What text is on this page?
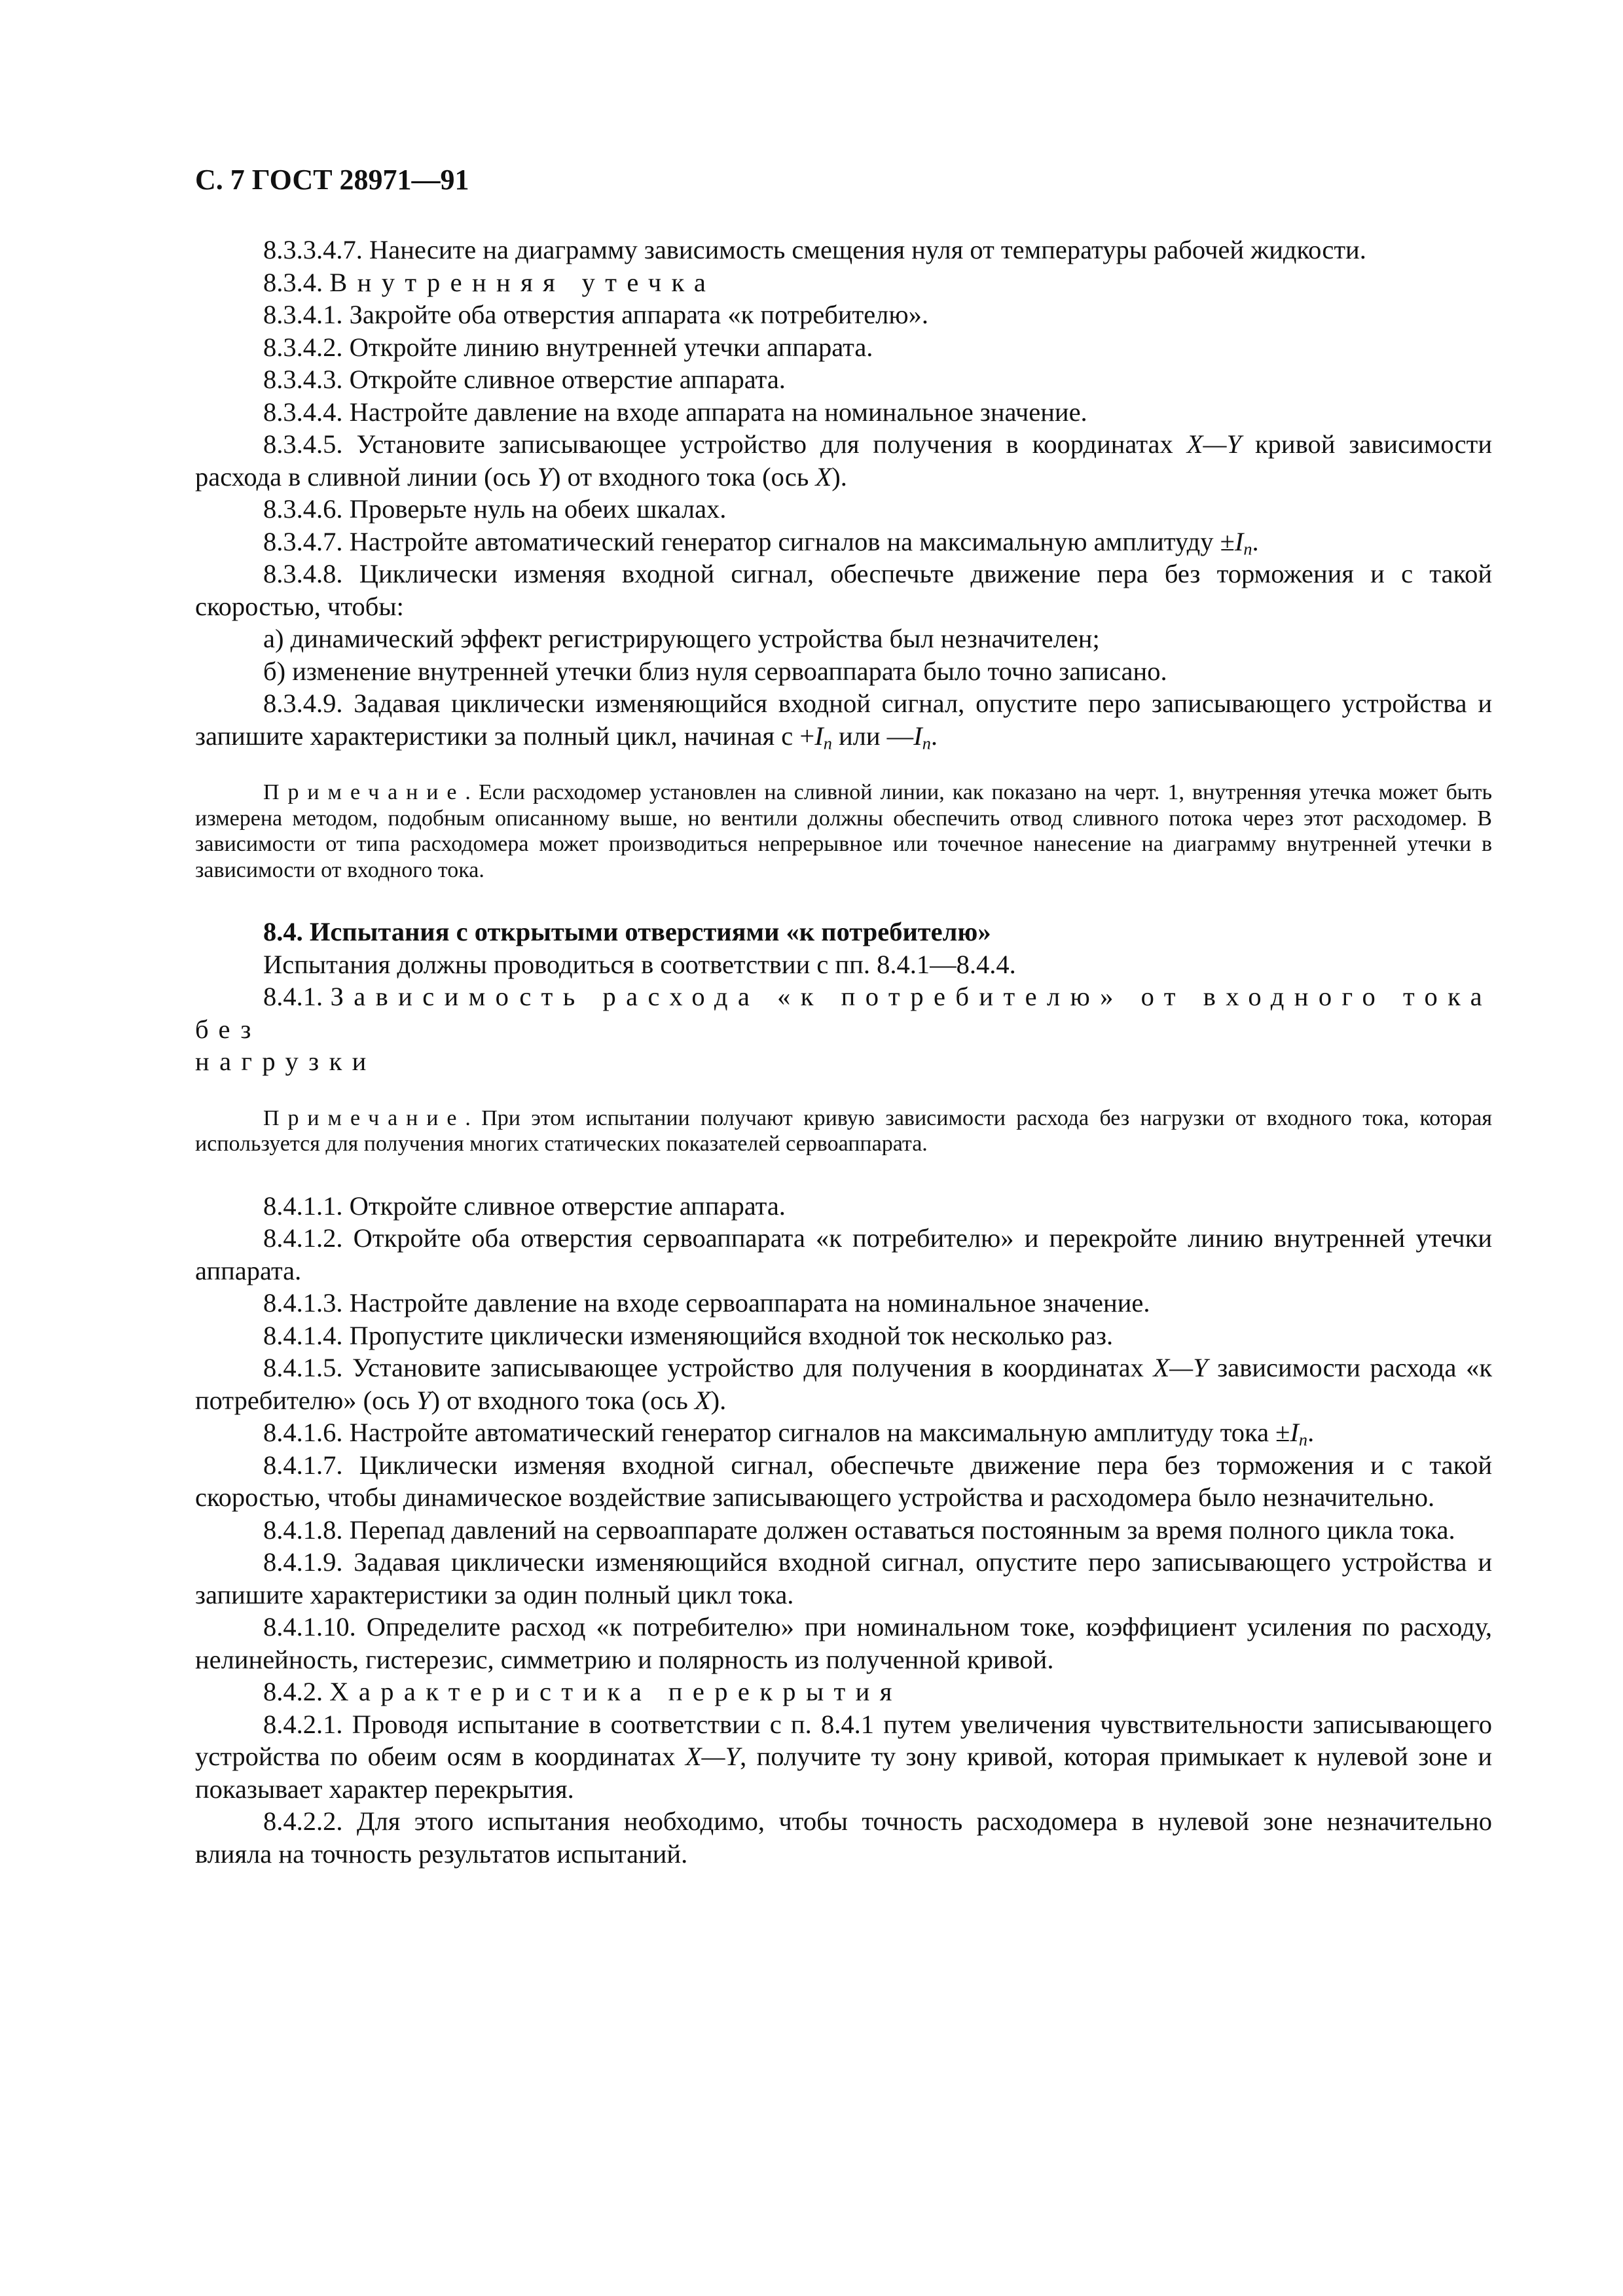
С. 7 ГОСТ 28971—91

8.3.3.4.7. Нанесите на диаграмму зависимость смещения нуля от температуры рабочей жидкости.

8.3.4. Внутренняя утечка

8.3.4.1. Закройте оба отверстия аппарата «к потребителю».

8.3.4.2. Откройте линию внутренней утечки аппарата.

8.3.4.3. Откройте сливное отверстие аппарата.

8.3.4.4. Настройте давление на входе аппарата на номинальное значение.

8.3.4.5. Установите записывающее устройство для получения в координатах X—Y кривой зависимости расхода в сливной линии (ось Y) от входного тока (ось X).

8.3.4.6. Проверьте нуль на обеих шкалах.

8.3.4.7. Настройте автоматический генератор сигналов на максимальную амплитуду $\pm I_n$.

8.3.4.8. Циклически изменяя входной сигнал, обеспечьте движение пера без торможения и с такой скоростью, чтобы:

а) динамический эффект регистрирующего устройства был незначителен;

б) изменение внутренней утечки близ нуля сервоаппарата было точно записано.

8.3.4.9. Задавая циклически изменяющийся входной сигнал, опустите перо записывающего устройства и запишите характеристики за полный цикл, начиная $с +I_n$ или $—I_n$.

Примечание. Если расходомер установлен на сливной линии, как показано на черт. 1, внутренняя утечка может быть измерена методом, подобным описанному выше, но вентили должны обеспечить отвод сливного потока через этот расходомер. В зависимости от типа расходомера может производиться непрерывное или точечное нанесение на диаграмму внутренней утечки в зависимости от входного тока.

8.4. Испытания с открытыми отверстиями «к потребителю»

Испытания должны проводиться в соответствии с пп. 8.4.1—8.4.4.

8.4.1. Зависимость расхода «к потребителю» от входного тока без

нагрузки

Примечание. При этом испытании получают кривую зависимости расхода без нагрузки от входного тока, которая используется для получения многих статических показателей сервоаппарата.

8.4.1.1. Откройте сливное отверстие аппарата.

8.4.1.2. Откройте оба отверстия сервоаппарата «к потребителю» и перекройте линию внутренней утечки аппарата.

8.4.1.3. Настройте давление на входе сервоаппарата на номинальное значение.

8.4.1.4. Пропустите циклически изменяющийся входной ток несколько раз.

8.4.1.5. Установите записывающее устройство для получения в координатах X—Y зависимости расхода «к потребителю» (ось Y) от входного тока (ось X).

8.4.1.6. Настройте автоматический генератор сигналов на максимальную амплитуду тока $\pm I_n$.

8.4.1.7. Циклически изменяя входной сигнал, обеспечьте движение пера без торможения и с такой скоростью, чтобы динамическое воздействие записывающего устройства и расходомера было незначительно.

8.4.1.8. Перепад давлений на сервоаппарате должен оставаться постоянным за время полного цикла тока.

8.4.1.9. Задавая циклически изменяющийся входной сигнал, опустите перо записывающего устройства и запишите характеристики за один полный цикл тока.

8.4.1.10. Определите расход «к потребителю» при номинальном токе, коэффициент усиления по расходу, нелинейность, гистерезис, симметрию и полярность из полученной кривой.

8.4.2. Характеристика перекрытия

8.4.2.1. Проводя испытание в соответствии с п. 8.4.1 путем увеличения чувствительности записывающего устройства по обеим осям в координатах X—Y, получите ту зону кривой, которая примыкает к нулевой зоне и показывает характер перекрытия.

8.4.2.2. Для этого испытания необходимо, чтобы точность расходомера в нулевой зоне незначительно влияла на точность результатов испытаний.
